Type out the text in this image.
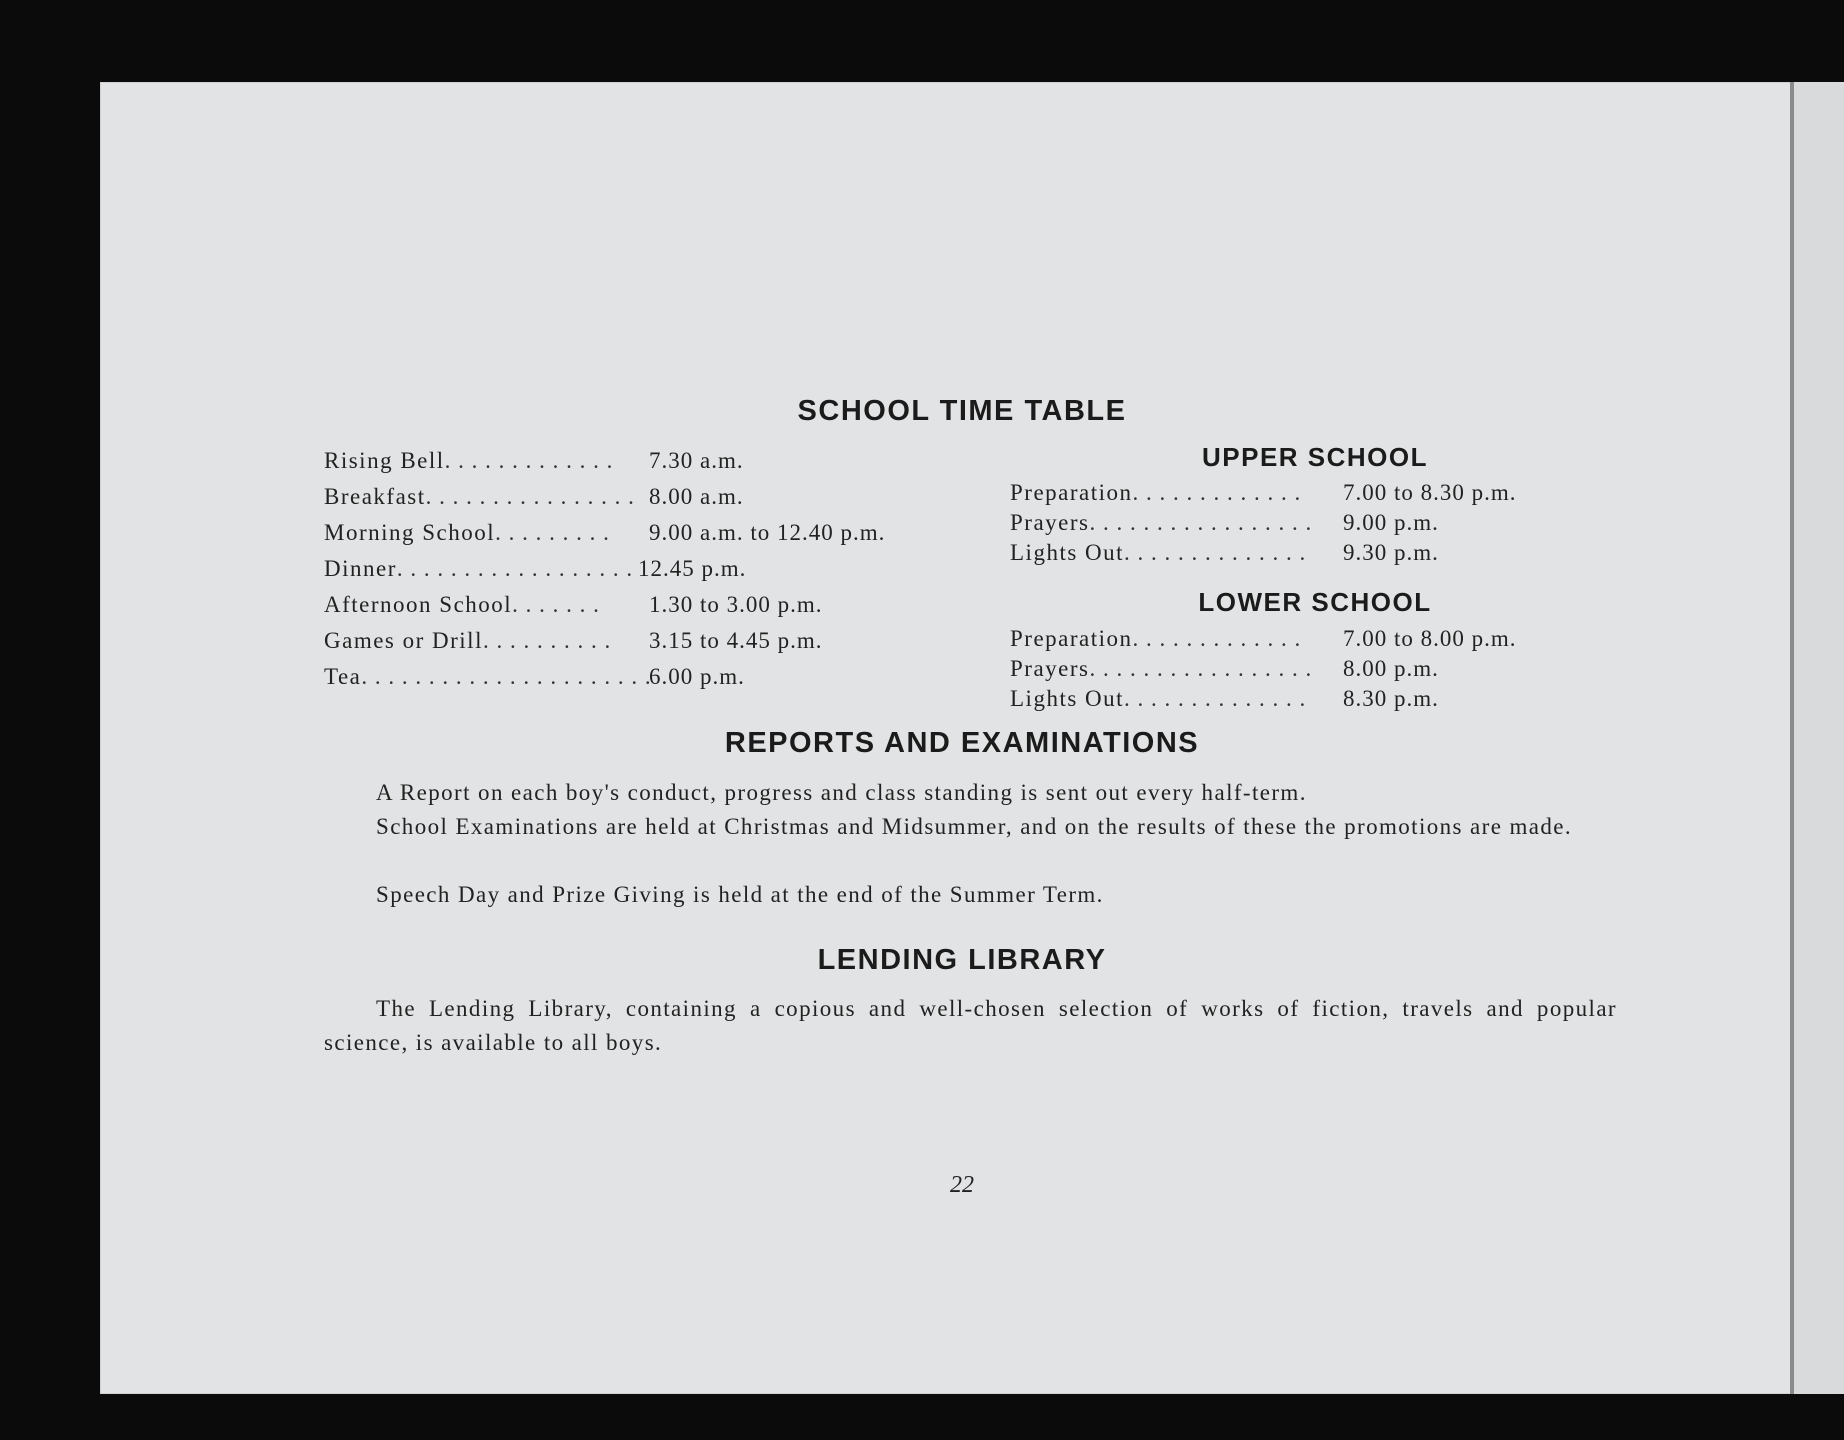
SCHOOL TIME TABLE
Rising Bell. . . . . . . . . . . . . 7.30 a.m.
Breakfast. . . . . . . . . . . . . . . . 8.00 a.m.
Morning School. . . . . . . . . 9.00 a.m. to 12.40 p.m.
Dinner. . . . . . . . . . . . . . . . . . 12.45 p.m.
Afternoon School. . . . . . . 1.30 to 3.00 p.m.
Games or Drill. . . . . . . . . . 3.15 to 4.45 p.m.
Tea. . . . . . . . . . . . . . . . . . . . . .
6.00 p.m.
UPPER SCHOOL
Preparation. . . . . . . . . . . . . 7.00 to 8.30 p.m.
Prayers. . . . . . . . . . . . . . . . . 9.00 p.m.
Lights Out. . . . . . . . . . . . . . 9.30 p.m.
LOWER SCHOOL
Preparation. . . . . . . . . . . . . 7.00 to 8.00 p.m.
Prayers. . . . . . . . . . . . . . . . . 8.00 p.m.
Lights Out. . . . . . . . . . . . . . 8.30 p.m.
REPORTS AND EXAMINATIONS
A Report on each boy's conduct, progress and class standing is sent out every half-term.
School Examinations are held at Christmas and Midsummer, and on the results of these the promotions are made.
Speech Day and Prize Giving is held at the end of the Summer Term.
LENDING LIBRARY
The Lending Library, containing a copious and well-chosen selection of works of fiction, travels and popular science, is available to all boys.
22
